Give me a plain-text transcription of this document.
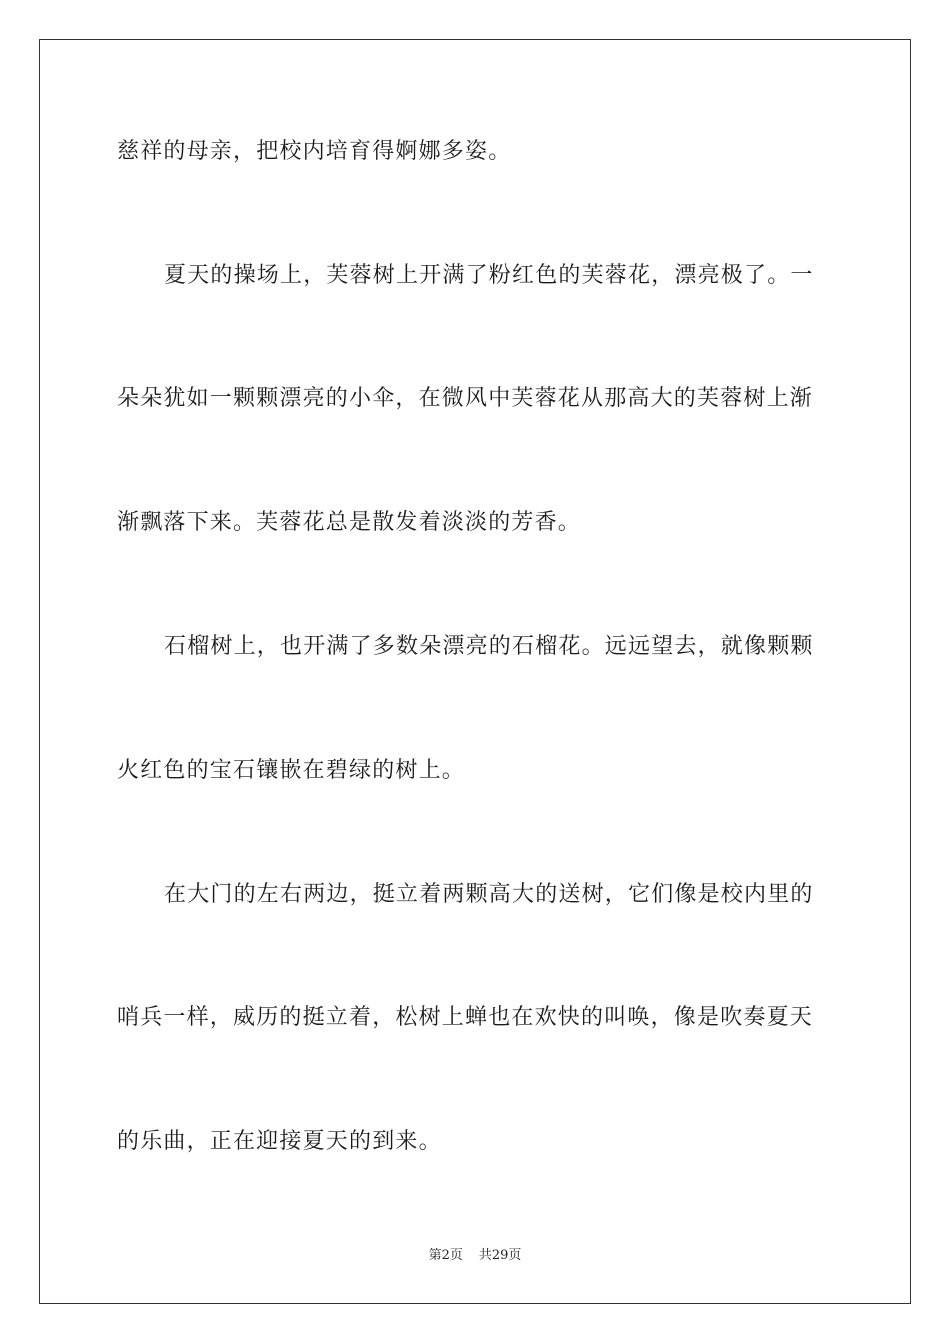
慈祥的母亲，把校内培育得婀娜多姿。
夏天的操场上，芙蓉树上开满了粉红色的芙蓉花，漂亮极了。一
朵朵犹如一颗颗漂亮的小伞，在微风中芙蓉花从那高大的芙蓉树上渐
渐飘落下来。芙蓉花总是散发着淡淡的芳香。
石榴树上，也开满了多数朵漂亮的石榴花。远远望去，就像颗颗
火红色的宝石镶嵌在碧绿的树上。
在大门的左右两边，挺立着两颗高大的送树，它们像是校内里的
哨兵一样，威历的挺立着，松树上蝉也在欢快的叫唤，像是吹奏夏天
的乐曲，正在迎接夏天的到来。
第2页 共29页
